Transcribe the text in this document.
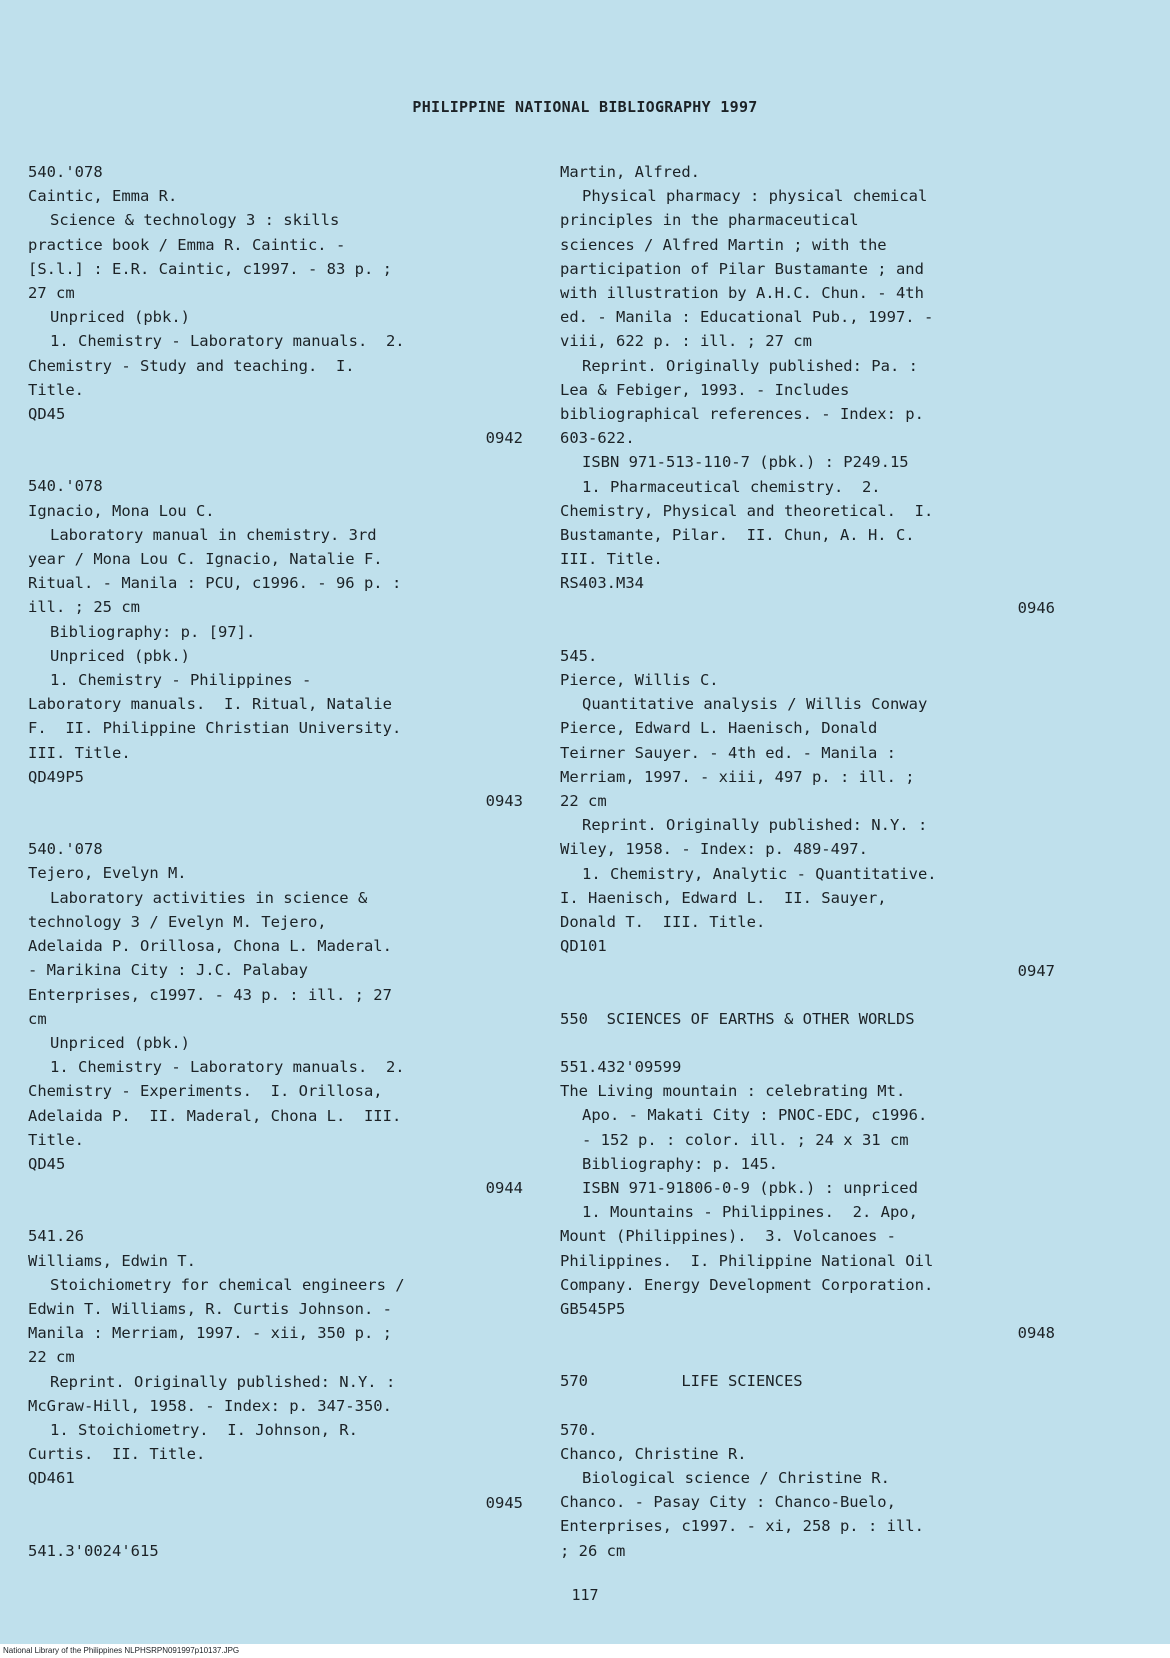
PHILIPPINE NATIONAL BIBLIOGRAPHY 1997
540.'078
Caintic, Emma R.
Science & technology 3 : skills
practice book / Emma R. Caintic. -
[S.l.] : E.R. Caintic, c1997. - 83 p. ;
27 cm
Unpriced (pbk.)
1. Chemistry - Laboratory manuals.  2.
Chemistry - Study and teaching.  I.
Title.
QD45
0942
540.'078
Ignacio, Mona Lou C.
Laboratory manual in chemistry. 3rd
year / Mona Lou C. Ignacio, Natalie F.
Ritual. - Manila : PCU, c1996. - 96 p. :
ill. ; 25 cm
Bibliography: p. [97].
Unpriced (pbk.)
1. Chemistry - Philippines -
Laboratory manuals.  I. Ritual, Natalie
F.  II. Philippine Christian University.
III. Title.
QD49P5
0943
540.'078
Tejero, Evelyn M.
Laboratory activities in science &
technology 3 / Evelyn M. Tejero,
Adelaida P. Orillosa, Chona L. Maderal.
- Marikina City : J.C. Palabay
Enterprises, c1997. - 43 p. : ill. ; 27
cm
Unpriced (pbk.)
1. Chemistry - Laboratory manuals.  2.
Chemistry - Experiments.  I. Orillosa,
Adelaida P.  II. Maderal, Chona L.  III.
Title.
QD45
0944
541.26
Williams, Edwin T.
Stoichiometry for chemical engineers /
Edwin T. Williams, R. Curtis Johnson. -
Manila : Merriam, 1997. - xii, 350 p. ;
22 cm
Reprint. Originally published: N.Y. :
McGraw-Hill, 1958. - Index: p. 347-350.
1. Stoichiometry.  I. Johnson, R.
Curtis.  II. Title.
QD461
0945
541.3'0024'615
Martin, Alfred.
Physical pharmacy : physical chemical
principles in the pharmaceutical
sciences / Alfred Martin ; with the
participation of Pilar Bustamante ; and
with illustration by A.H.C. Chun. - 4th
ed. - Manila : Educational Pub., 1997. -
viii, 622 p. : ill. ; 27 cm
Reprint. Originally published: Pa. :
Lea & Febiger, 1993. - Includes
bibliographical references. - Index: p.
603-622.
ISBN 971-513-110-7 (pbk.) : P249.15
1. Pharmaceutical chemistry.  2.
Chemistry, Physical and theoretical.  I.
Bustamante, Pilar.  II. Chun, A. H. C.
III. Title.
RS403.M34
0946
545.
Pierce, Willis C.
Quantitative analysis / Willis Conway
Pierce, Edward L. Haenisch, Donald
Teirner Sauyer. - 4th ed. - Manila :
Merriam, 1997. - xiii, 497 p. : ill. ;
22 cm
Reprint. Originally published: N.Y. :
Wiley, 1958. - Index: p. 489-497.
1. Chemistry, Analytic - Quantitative.
I. Haenisch, Edward L.  II. Sauyer,
Donald T.  III. Title.
QD101
0947
550  SCIENCES OF EARTHS & OTHER WORLDS
551.432'09599
The Living mountain : celebrating Mt.
Apo. - Makati City : PNOC-EDC, c1996.
- 152 p. : color. ill. ; 24 x 31 cm
Bibliography: p. 145.
ISBN 971-91806-0-9 (pbk.) : unpriced
1. Mountains - Philippines.  2. Apo,
Mount (Philippines).  3. Volcanoes -
Philippines.  I. Philippine National Oil
Company. Energy Development Corporation.
GB545P5
0948
570          LIFE SCIENCES
570.
Chanco, Christine R.
Biological science / Christine R.
Chanco. - Pasay City : Chanco-Buelo,
Enterprises, c1997. - xi, 258 p. : ill.
; 26 cm
117
National Library of the Philippines NLPHSRPN091997p10137.JPG
